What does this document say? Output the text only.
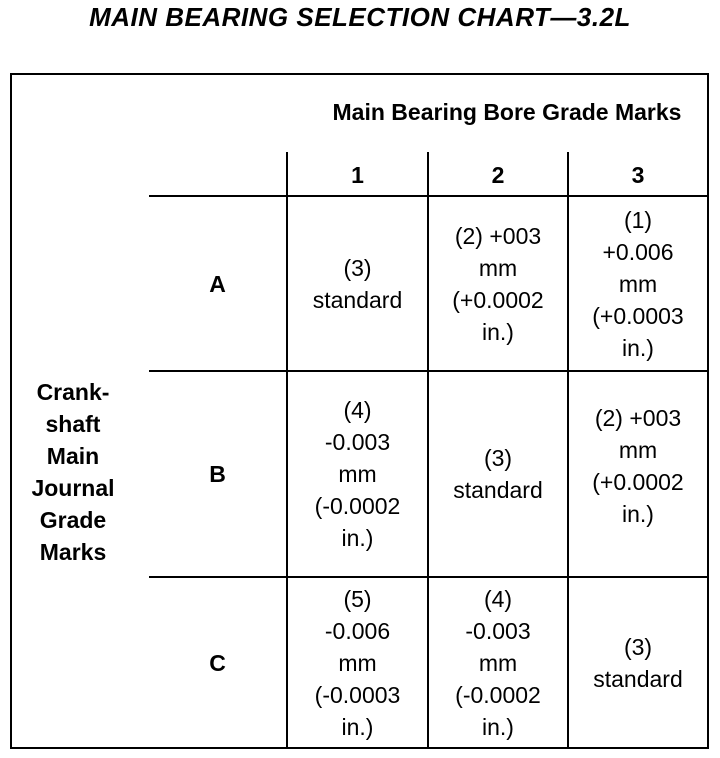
MAIN BEARING SELECTION CHART—3.2L
Main Bearing Bore Grade Marks
1	2	3
Crank-
shaft
Main
Journal
Grade
Marks
A
B
C
(3)
standard
(2) +003
mm
(+0.0002
in.)
(1)
+0.006
mm
(+0.0003
in.)
(4)
-0.003
mm
(-0.0002
in.)
(3)
standard
(2) +003
mm
(+0.0002
in.)
(5)
-0.006
mm
(-0.0003
in.)
(4)
-0.003
mm
(-0.0002
in.)
(3)
standard
